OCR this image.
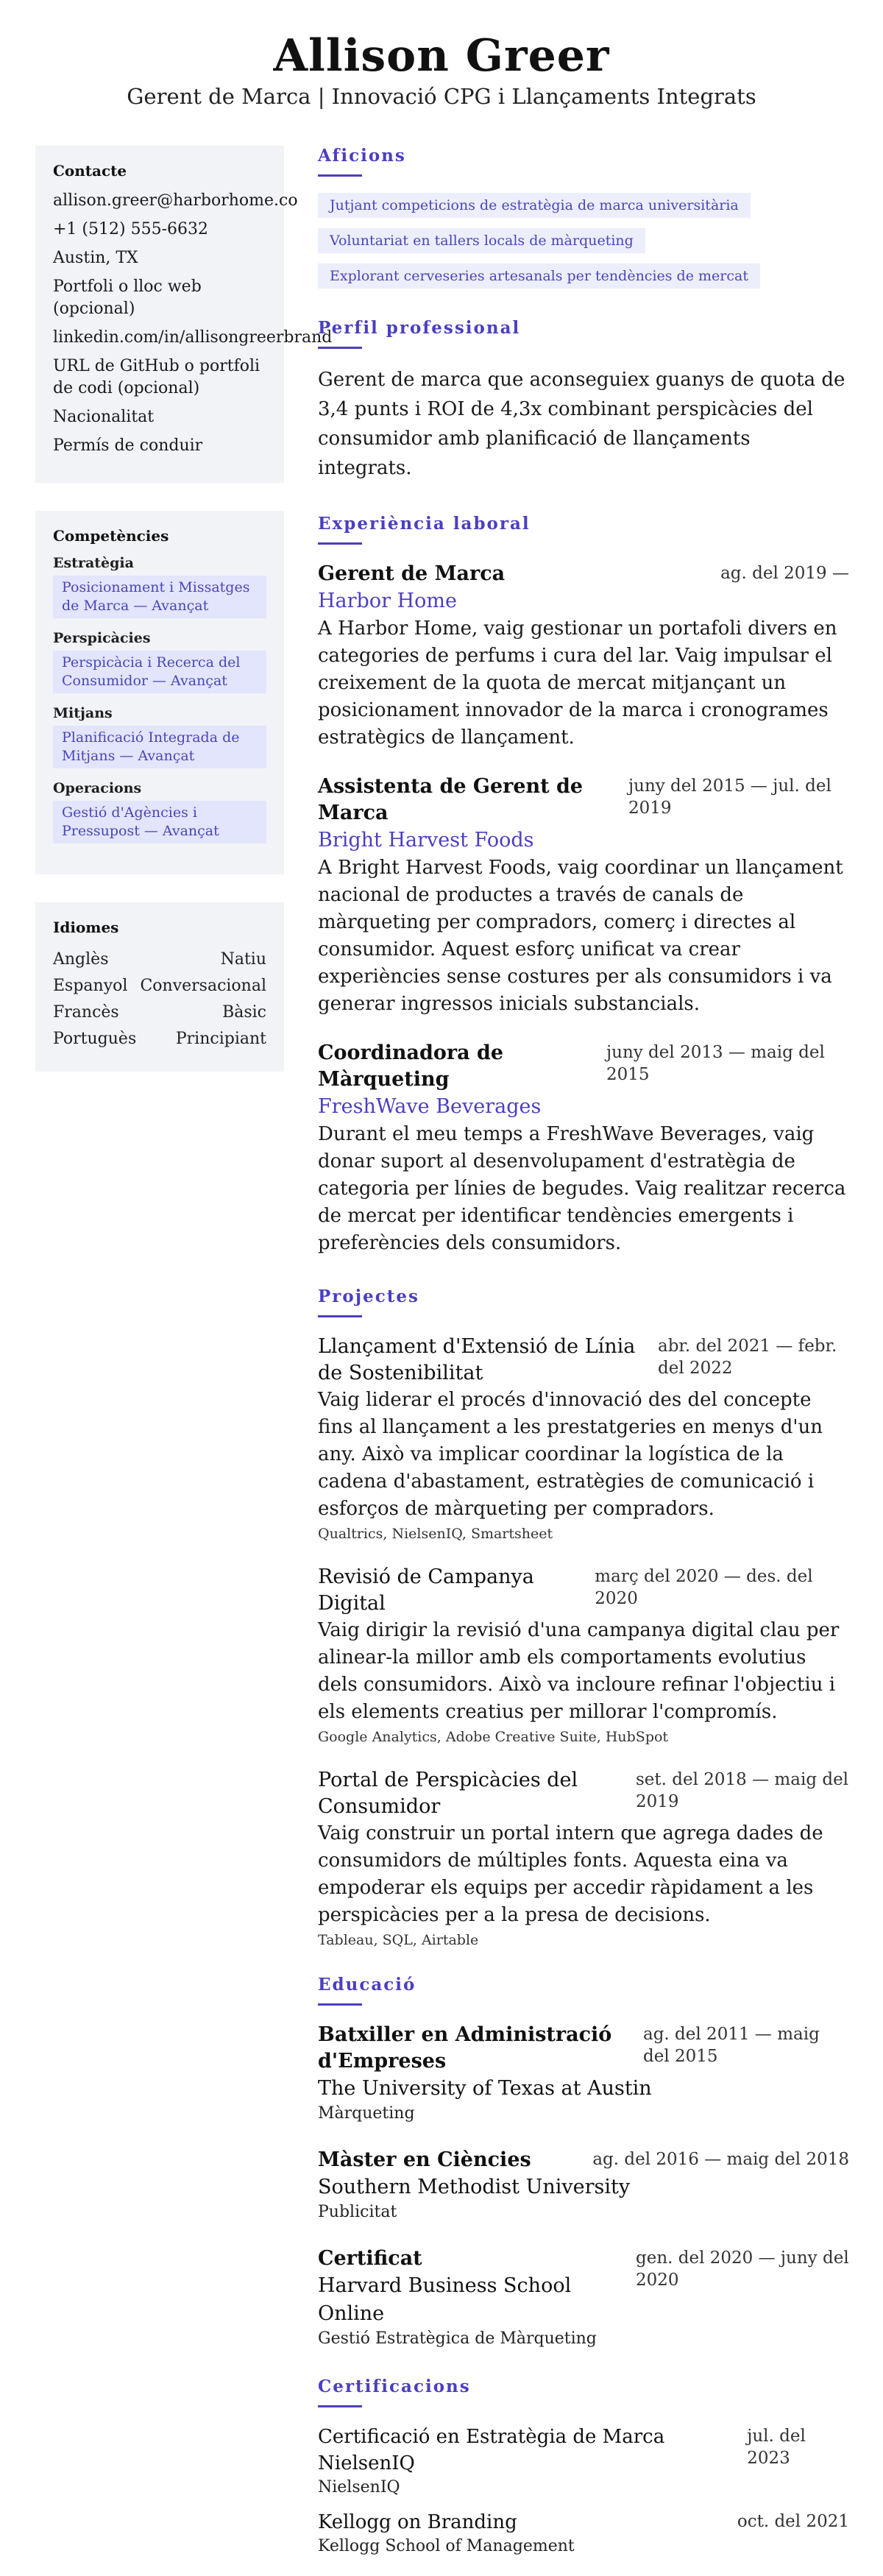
Allison Greer
Gerent de Marca | Innovació CPG i Llançaments Integrats
Contacte
allison.greer@harborhome.co
+1 (512) 555-6632
Austin, TX
Portfoli o lloc web (opcional)
linkedin.com/in/allisongreerbrand
URL de GitHub o portfoli de codi (opcional)
Nacionalitat
Permís de conduir
Competències
Estratègia
Posicionament i Missatges de Marca — Avançat
Perspicàcies
Perspicàcia i Recerca del Consumidor — Avançat
Mitjans
Planificació Integrada de Mitjans — Avançat
Operacions
Gestió d'Agències i Pressupost — Avançat
Idiomes
Anglès	Natiu
Espanyol Conversacional
Francès	Bàsic
Portuguès Principiant
Aficions
Jutjant competicions de estratègia de marca universitària
Voluntariat en tallers locals de màrqueting
Explorant cerveseries artesanals per tendències de mercat
Perfil professional
Gerent de marca que aconseguiex guanys de quota de 3,4 punts i ROI de 4,3x combinant perspicàcies del consumidor amb planificació de llançaments integrats.
Experiència laboral
Gerent de Marca	ag. del 2019 —
Harbor Home
A Harbor Home, vaig gestionar un portafoli divers en categories de perfums i cura del lar. Vaig impulsar el creixement de la quota de mercat mitjançant un posicionament innovador de la marca i cronogrames estratègics de llançament.
Assistenta de Gerent de Marca
juny del 2015 — jul. del 2019
Bright Harvest Foods
A Bright Harvest Foods, vaig coordinar un llançament nacional de productes a través de canals de màrqueting per compradors, comerç i directes al consumidor. Aquest esforç unificat va crear experiències sense costures per als consumidors i va generar ingressos inicials substancials.
Coordinadora de Màrqueting
juny del 2013 — maig del 2015
FreshWave Beverages
Durant el meu temps a FreshWave Beverages, vaig donar suport al desenvolupament d'estratègia de categoria per línies de begudes. Vaig realitzar recerca de mercat per identificar tendències emergents i preferències dels consumidors.
Projectes
Llançament d'Extensió de Línia de Sostenibilitat
abr. del 2021 — febr. del 2022
Vaig liderar el procés d'innovació des del concepte fins al llançament a les prestatgeries en menys d'un any. Això va implicar coordinar la logística de la cadena d'abastament, estratègies de comunicació i esforços de màrqueting per compradors.
Qualtrics, NielsenIQ, Smartsheet
Revisió de Campanya Digital
març del 2020 — des. del 2020
Vaig dirigir la revisió d'una campanya digital clau per alinear-la millor amb els comportaments evolutius dels consumidors. Això va incloure refinar l'objectiu i els elements creatius per millorar l'compromís.
Google Analytics, Adobe Creative Suite, HubSpot
Portal de Perspicàcies del Consumidor
set. del 2018 — maig del 2019
Vaig construir un portal intern que agrega dades de consumidors de múltiples fonts. Aquesta eina va empoderar els equips per accedir ràpidament a les perspicàcies per a la presa de decisions.
Tableau, SQL, Airtable
Educació
Batxiller en Administració d'Empreses
ag. del 2011 — maig del 2015
The University of Texas at Austin
Màrqueting
Màster en Ciències	ag. del 2016 — maig del 2018
Southern Methodist University
Publicitat
Certificat
Harvard Business School Online
gen. del 2020 — juny del 2020
Gestió Estratègica de Màrqueting
Certificacions
Certificació en Estratègia de Marca NielsenIQ
jul. del 2023
NielsenIQ
Kellogg on Branding	oct. del 2021
Kellogg School of Management
